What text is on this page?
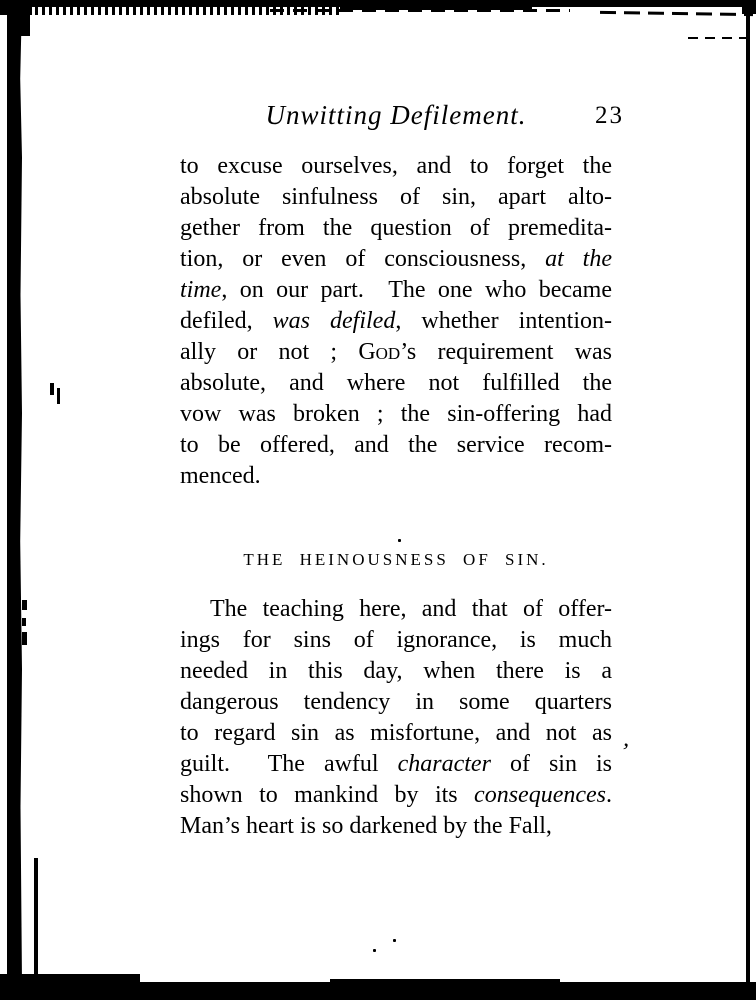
,
Unwitting Defilement.	23
to excuse ourselves, and to forget the
absolute sinfulness of sin, apart alto-
gether from the question of premedita-
tion, or even of consciousness, at the
time, on our part.  The one who became
defiled, was defiled, whether intention-
ally or not ; God’s requirement was
absolute, and where not fulfilled the
vow was broken ; the sin-offering had
to be offered, and the service recom-
menced.
THE HEINOUSNESS OF SIN.
The teaching here, and that of offer-
ings for sins of ignorance, is much
needed in this day, when there is a
dangerous tendency in some quarters
to regard sin as misfortune, and not as
guilt.  The awful character of sin is
shown to mankind by its consequences.
Man’s heart is so darkened by the Fall,
